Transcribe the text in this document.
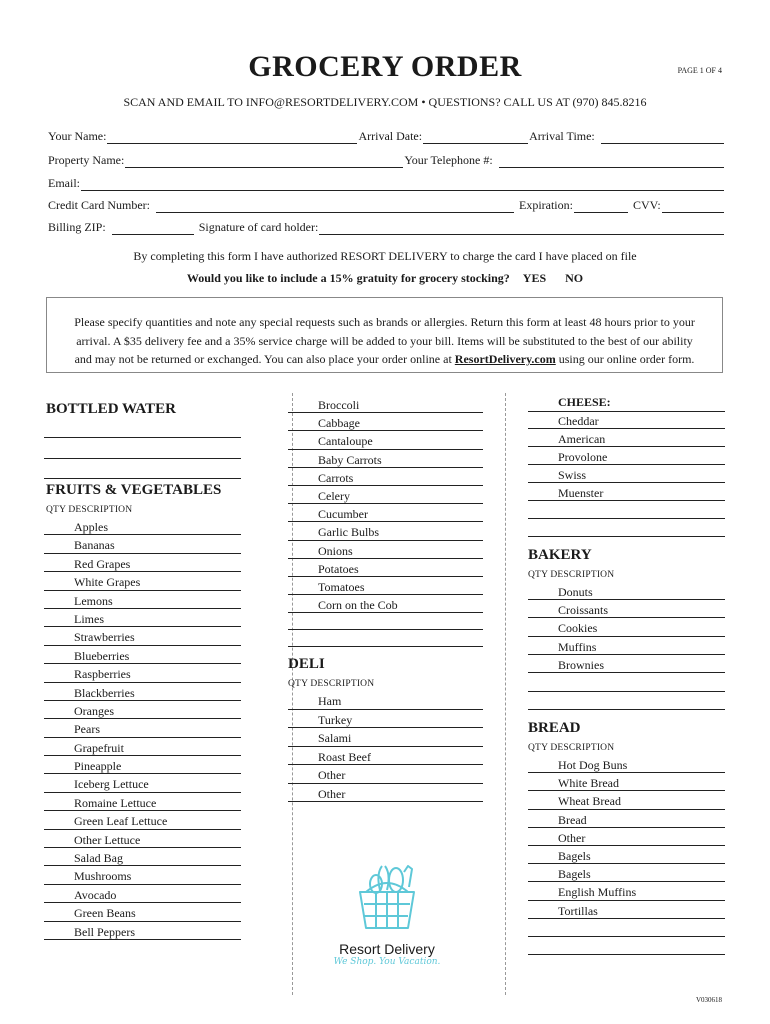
GROCERY ORDER	PAGE 1 OF 4
SCAN AND EMAIL TO INFO@RESORTDELIVERY.COM • QUESTIONS? CALL US AT (970) 845.8216
Your Name:	Arrival Date:	Arrival Time:
Property Name:	Your Telephone #:
Email:
Credit Card Number:	Expiration:	CVV:
Billing ZIP:	Signature of card holder:
By completing this form I have authorized RESORT DELIVERY to charge the card I have placed on file
Would you like to include a 15% gratuity for grocery stocking? YES NO
Please specify quantities and note any special requests such as brands or allergies. Return this form at least 48 hours prior to your
arrival. A $35 delivery fee and a 35% service charge will be added to your bill. Items will be substituted to the best of our ability
and may not be returned or exchanged. You can also place your order online at ResortDelivery.com using our online order form.
BOTTLED WATER
FRUITS & VEGETABLES
QTY DESCRIPTION
Apples
Bananas
Red Grapes
White Grapes
Lemons
Limes
Strawberries
Blueberries
Raspberries
Blackberries
Oranges
Pears
Grapefruit
Pineapple
Iceberg Lettuce
Romaine Lettuce
Green Leaf Lettuce
Other Lettuce
Salad Bag
Mushrooms
Avocado
Green Beans
Bell Peppers
Broccoli
Cabbage
Cantaloupe
Baby Carrots
Carrots
Celery
Cucumber
Garlic Bulbs
Onions
Potatoes
Tomatoes
Corn on the Cob
DELI
QTY DESCRIPTION
Ham
Turkey
Salami
Roast Beef
Other
Other
CHEESE:
Cheddar
American
Provolone
Swiss
Muenster
BAKERY
QTY DESCRIPTION
Donuts
Croissants
Cookies
Muffins
Brownies
BREAD
QTY DESCRIPTION
Hot Dog Buns
White Bread
Wheat Bread
Bread
Other
Bagels
Bagels
English Muffins
Tortillas
Resort Delivery
We Shop. You Vacation.
V030618
